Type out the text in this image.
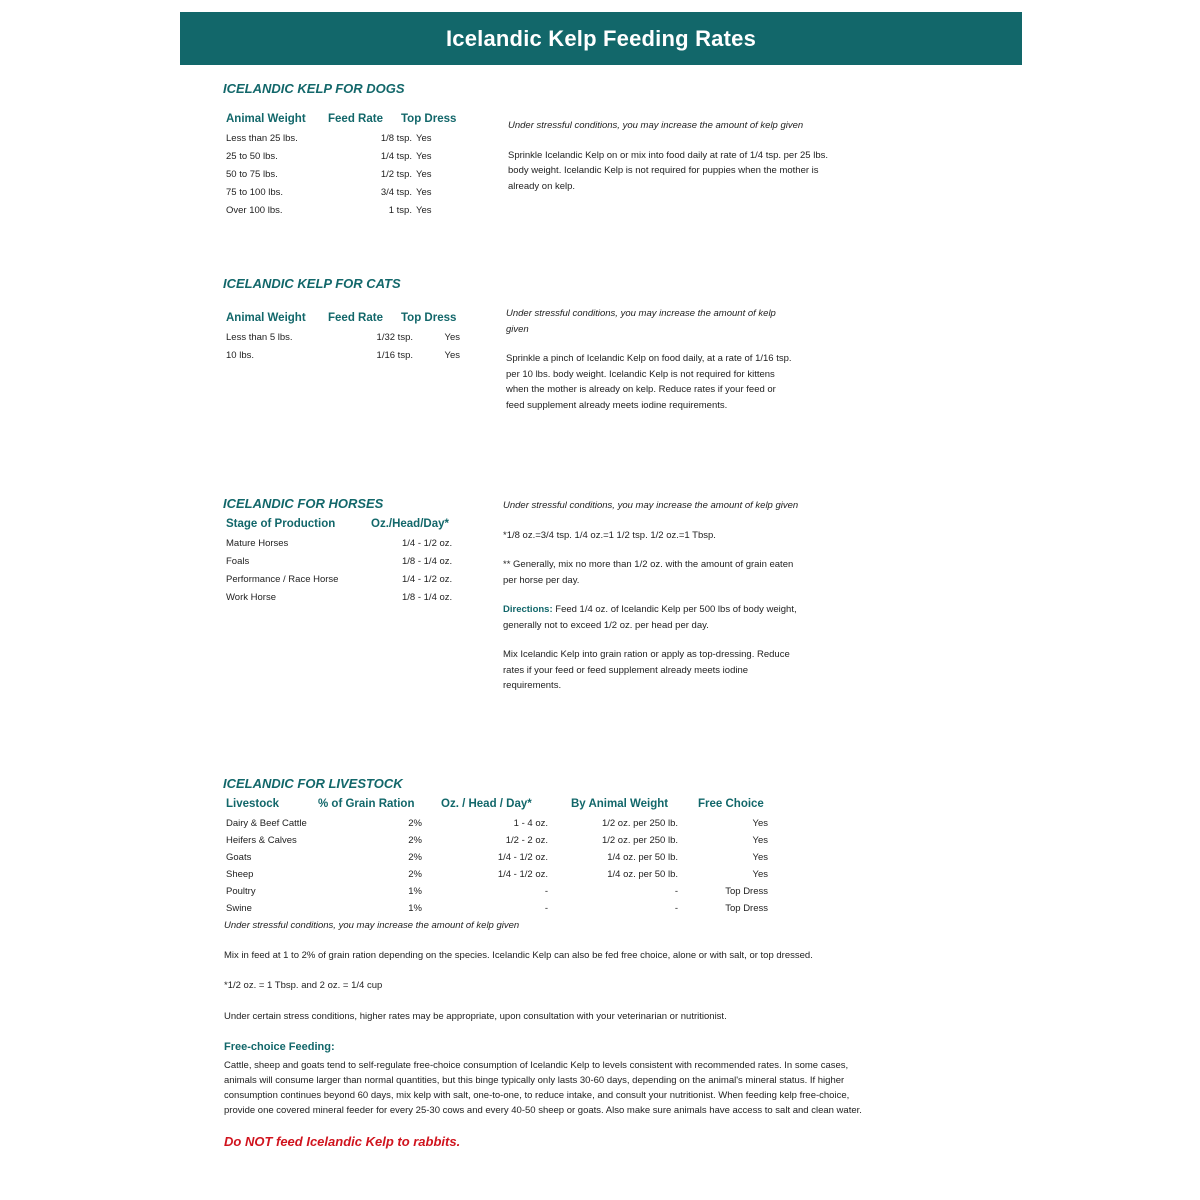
Icelandic Kelp Feeding Rates
ICELANDIC KELP FOR DOGS
Animal Weight Feed Rate Top Dress
Less than 25 lbs.	1/8 tsp. Yes
25 to 50 lbs.	1/4 tsp. Yes
50 to 75 lbs.	1/2 tsp. Yes
75 to 100 lbs.	3/4 tsp. Yes
Over 100 lbs.	1 tsp. Yes

Under stressful conditions, you may increase the amount of kelp given

Sprinkle Icelandic Kelp on or mix into food daily at rate of 1/4 tsp. per 25 lbs. body weight. Icelandic Kelp is not required for puppies when the mother is already on kelp.

ICELANDIC KELP FOR CATS
Animal Weight Feed Rate Top Dress
Less than 5 lbs.	1/32 tsp.	Yes
10 lbs.	1/16 tsp.	Yes

Under stressful conditions, you may increase the amount of kelp given

Sprinkle a pinch of Icelandic Kelp on food daily, at a rate of 1/16 tsp. per 10 lbs. body weight. Icelandic Kelp is not required for kittens when the mother is already on kelp. Reduce rates if your feed or feed supplement already meets iodine requirements.

ICELANDIC FOR HORSES
Stage of Production	Oz./Head/Day*
Mature Horses	1/4 - 1/2 oz.
Foals	1/8 - 1/4 oz.
Performance / Race Horse	1/4 - 1/2 oz.
Work Horse	1/8 - 1/4 oz.

Under stressful conditions, you may increase the amount of kelp given

*1/8 oz.=3/4 tsp. 1/4 oz.=1 1/2 tsp. 1/2 oz.=1 Tbsp.

** Generally, mix no more than 1/2 oz. with the amount of grain eaten per horse per day.

Directions: Feed 1/4 oz. of Icelandic Kelp per 500 lbs of body weight, generally not to exceed 1/2 oz. per head per day.

Mix Icelandic Kelp into grain ration or apply as top-dressing. Reduce rates if your feed or feed supplement already meets iodine requirements.

ICELANDIC FOR LIVESTOCK
Livestock	% of Grain Ration Oz. / Head / Day*	By Animal Weight	Free Choice
Dairy & Beef Cattle	2%	1 - 4 oz.	1/2 oz. per 250 lb.	Yes
Heifers & Calves	2%	1/2 - 2 oz.	1/2 oz. per 250 lb.	Yes
Goats	2%	1/4 - 1/2 oz.	1/4 oz. per 50 lb.	Yes
Sheep	2%	1/4 - 1/2 oz.	1/4 oz. per 50 lb.	Yes
Poultry	1%	-	-	Top Dress
Swine	1%	-	-	Top Dress
Under stressful conditions, you may increase the amount of kelp given
Mix in feed at 1 to 2% of grain ration depending on the species. Icelandic Kelp can also be fed free choice, alone or with salt, or top dressed.
*1/2 oz. = 1 Tbsp. and 2 oz. = 1/4 cup
Under certain stress conditions, higher rates may be appropriate, upon consultation with your veterinarian or nutritionist.
Free-choice Feeding:
Cattle, sheep and goats tend to self-regulate free-choice consumption of Icelandic Kelp to levels consistent with recommended rates. In some cases,
animals will consume larger than normal quantities, but this binge typically only lasts 30-60 days, depending on the animal's mineral status. If higher
consumption continues beyond 60 days, mix kelp with salt, one-to-one, to reduce intake, and consult your nutritionist. When feeding kelp free-choice,
provide one covered mineral feeder for every 25-30 cows and every 40-50 sheep or goats. Also make sure animals have access to salt and clean water.
Do NOT feed Icelandic Kelp to rabbits.
